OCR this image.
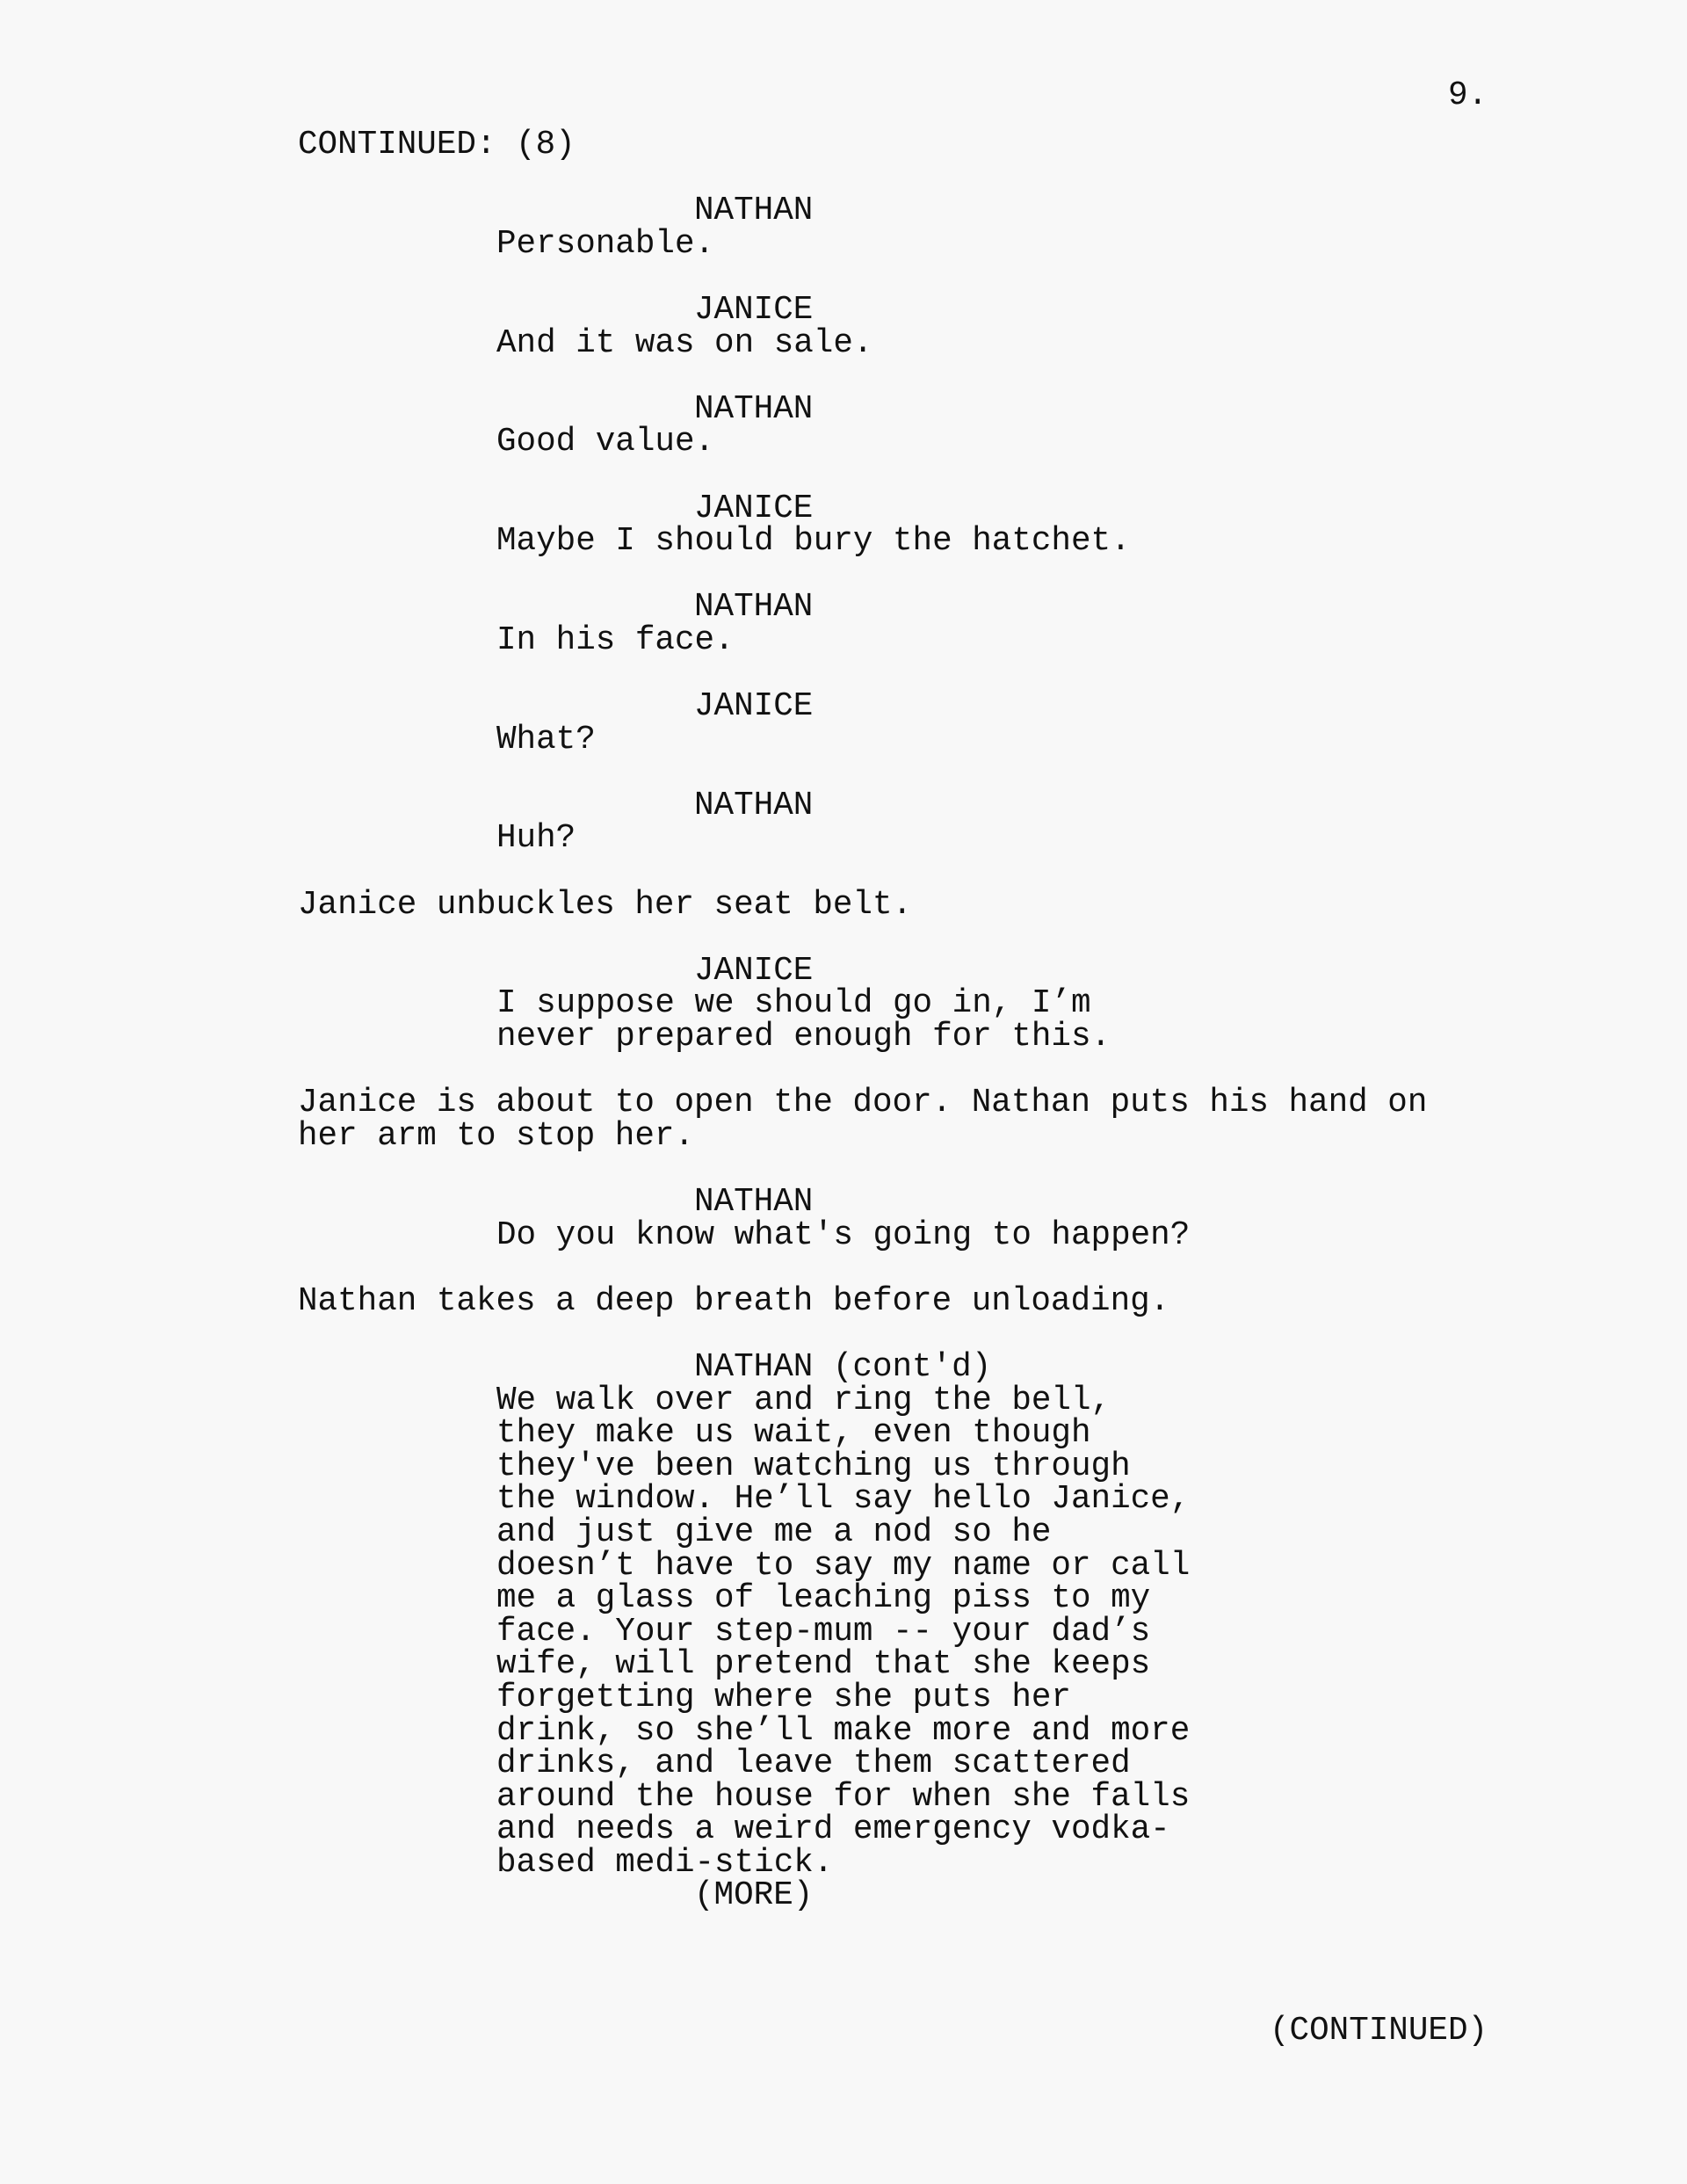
9.
CONTINUED: (8)
NATHAN
Personable.
JANICE
And it was on sale.
NATHAN
Good value.
JANICE
Maybe I should bury the hatchet.
NATHAN
In his face.
JANICE
What?
NATHAN
Huh?
Janice unbuckles her seat belt.
JANICE
I suppose we should go in, I’m
never prepared enough for this.
Janice is about to open the door. Nathan puts his hand on
her arm to stop her.
NATHAN
Do you know what's going to happen?
Nathan takes a deep breath before unloading.
NATHAN (cont'd)
We walk over and ring the bell,
they make us wait, even though
they've been watching us through
the window. He’ll say hello Janice,
and just give me a nod so he
doesn’t have to say my name or call
me a glass of leaching piss to my
face. Your step-mum -- your dad’s
wife, will pretend that she keeps
forgetting where she puts her
drink, so she’ll make more and more
drinks, and leave them scattered
around the house for when she falls
and needs a weird emergency vodka-
based medi-stick.
(MORE)
(CONTINUED)
